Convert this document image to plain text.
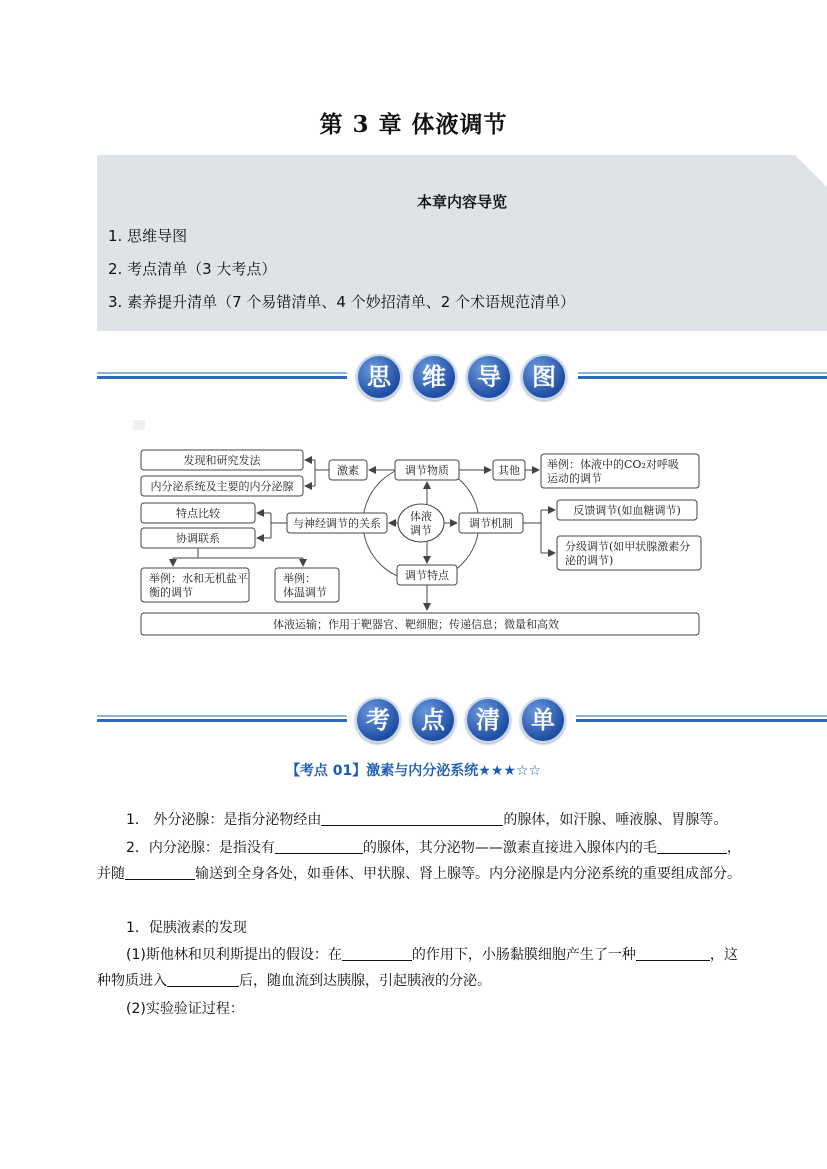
第 3 章 体液调节
本章内容导览
1. 思维导图
2. 考点清单（3 大考点）
3. 素养提升清单（7 个易错清单、4 个妙招清单、2 个术语规范清单）
思	维	导	图
体液
调节
调节物质
调节机制
调节特点
与神经调节的关系
激素
发现和研究发法
内分泌系统及主要的内分泌腺
其他 举例：体液中的CO₂对呼吸
运动的调节
反馈调节(如血糖调节)
分级调节(如甲状腺激素分
泌的调节)
特点比较
协调联系
举例：水和无机盐平
衡的调节
举例：
体温调节
体液运输；作用于靶器官、靶细胞；传递信息；微量和高效
考	点	清	单
【考点 01】激素与内分泌系统★★★☆☆
1． 外分泌腺：是指分泌物经由	的腺体，如汗腺、唾液腺、胃腺等。
2．内分泌腺：是指没有	的腺体，其分泌物——激素直接进入腺体内的毛	，
并随	输送到全身各处，如垂体、甲状腺、肾上腺等。内分泌腺是内分泌系统的重要组成部分。
1．促胰液素的发现
(1)斯他林和贝利斯提出的假设：在	的作用下，小肠黏膜细胞产生了一种	，这
种物质进入	后，随血流到达胰腺，引起胰液的分泌。
(2)实验验证过程：
